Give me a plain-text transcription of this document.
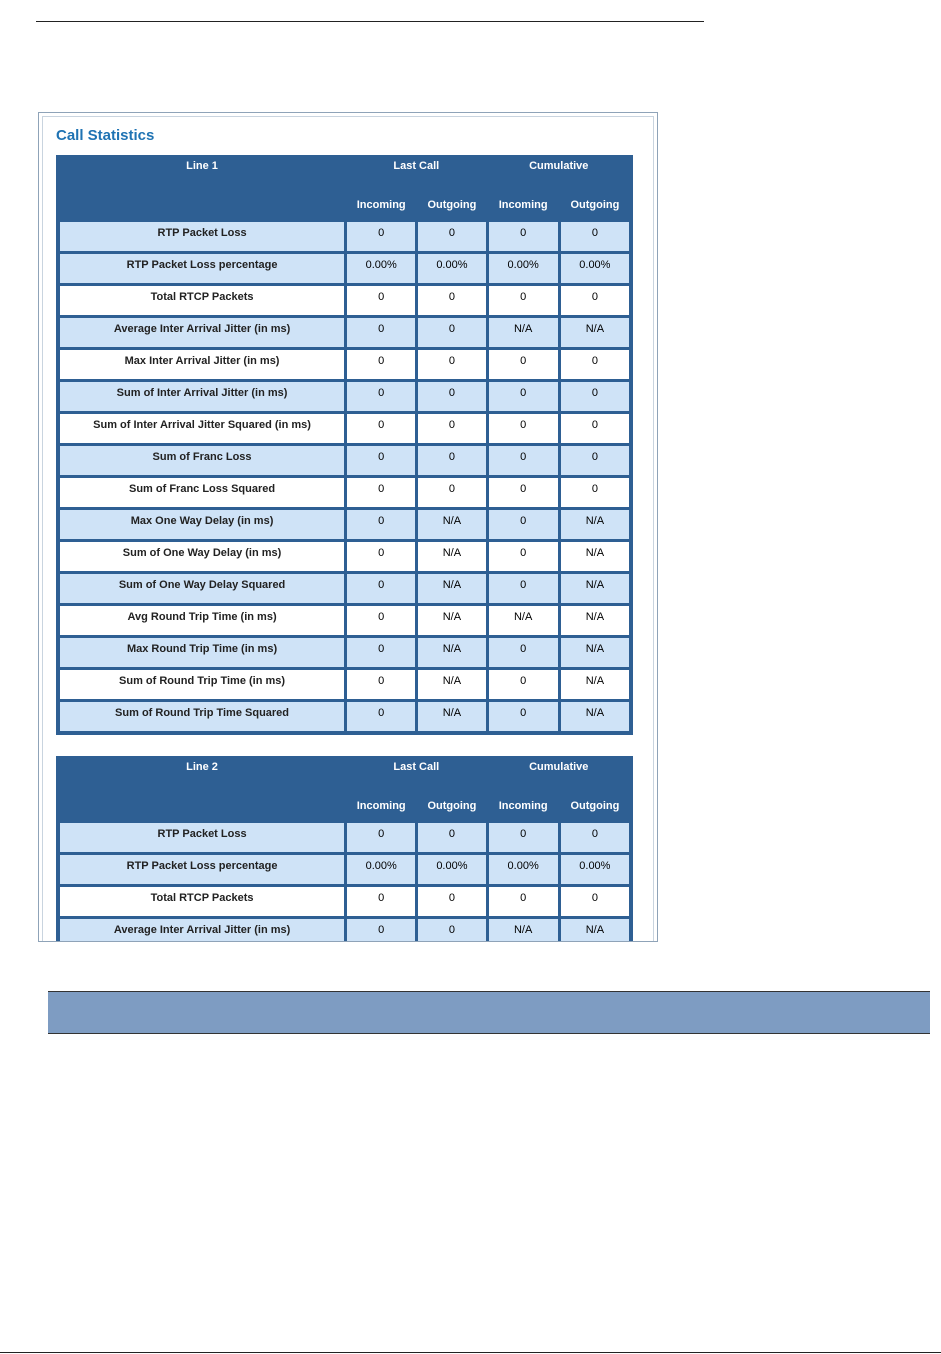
Call Statistics
Line 1	Last Call		Cumulative	
	Incoming	Outgoing	Incoming	Outgoing
RTP Packet Loss	0	0	0	0
RTP Packet Loss percentage	0.00%	0.00%	0.00%	0.00%
Total RTCP Packets	0	0	0	0
Average Inter Arrival Jitter (in ms)	0	0	N/A	N/A
Max Inter Arrival Jitter (in ms)	0	0	0	0
Sum of Inter Arrival Jitter (in ms)	0	0	0	0
Sum of Inter Arrival Jitter Squared (in ms)	0	0	0	0
Sum of Franc Loss	0	0	0	0
Sum of Franc Loss Squared	0	0	0	0
Max One Way Delay (in ms)	0	N/A	0	N/A
Sum of One Way Delay (in ms)	0	N/A	0	N/A
Sum of One Way Delay Squared	0	N/A	0	N/A
Avg Round Trip Time (in ms)	0	N/A	N/A	N/A
Max Round Trip Time (in ms)	0	N/A	0	N/A
Sum of Round Trip Time (in ms)	0	N/A	0	N/A
Sum of Round Trip Time Squared	0	N/A	0	N/A
Line 2	Last Call		Cumulative	
	Incoming	Outgoing	Incoming	Outgoing
RTP Packet Loss	0	0	0	0
RTP Packet Loss percentage	0.00%	0.00%	0.00%	0.00%
Total RTCP Packets	0	0	0	0
Average Inter Arrival Jitter (in ms)	0	0	N/A	N/A
